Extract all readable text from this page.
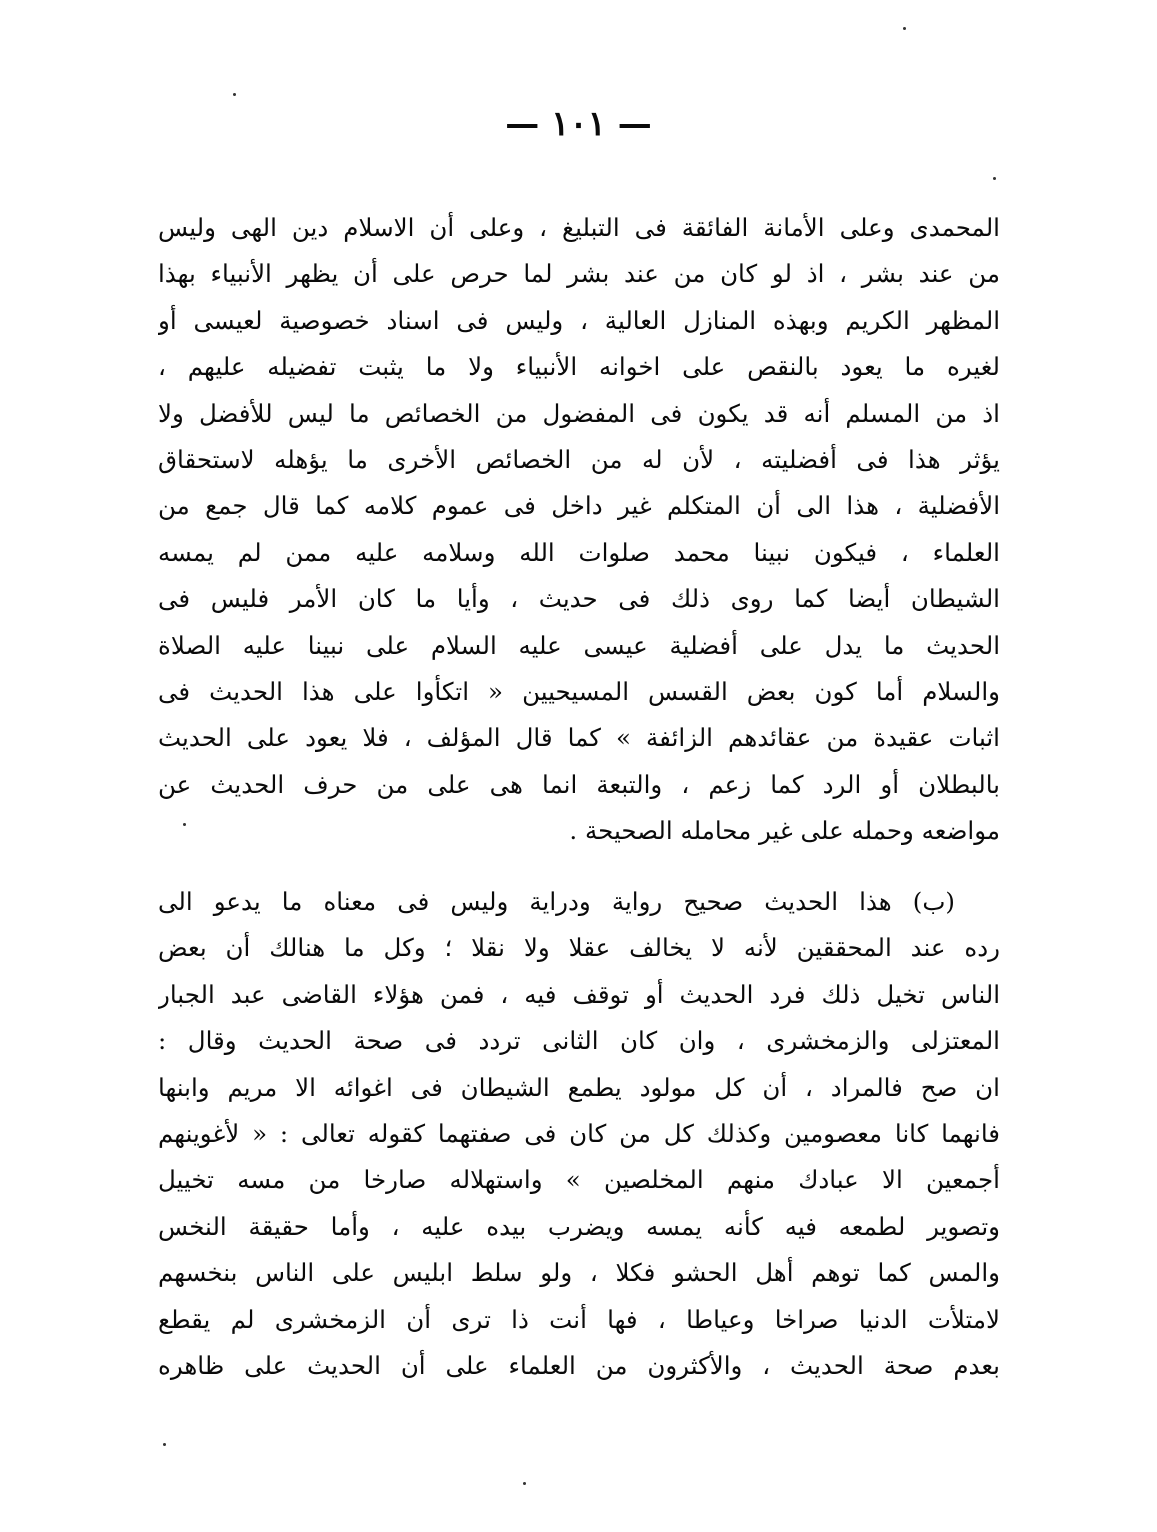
— ١٠١ —
المحمدى وعلى الأمانة الفائقة فى التبليغ ، وعلى أن الاسلام دين الهى وليس
من عند بشر ، اذ لو كان من عند بشر لما حرص على أن يظهر الأنبياء بهذا
المظهر الكريم وبهذه المنازل العالية ، وليس فى اسناد خصوصية لعيسى أو
لغيره ما يعود بالنقص على اخوانه الأنبياء ولا ما يثبت تفضيله عليهم ،
اذ من المسلم أنه قد يكون فى المفضول من الخصائص ما ليس للأفضل ولا
يؤثر هذا فى أفضليته ، لأن له من الخصائص الأخرى ما يؤهله لاستحقاق
الأفضلية ، هذا الى أن المتكلم غير داخل فى عموم كلامه كما قال جمع من
العلماء ، فيكون نبينا محمد صلوات الله وسلامه عليه ممن لم يمسه
الشيطان أيضا كما روى ذلك فى حديث ، وأيا ما كان الأمر فليس فى
الحديث ما يدل على أفضلية عيسى عليه السلام على نبينا عليه الصلاة
والسلام أما كون بعض القسس المسيحيين « اتكأوا على هذا الحديث فى
اثبات عقيدة من عقائدهم الزائفة » كما قال المؤلف ، فلا يعود على الحديث
بالبطلان أو الرد كما زعم ، والتبعة انما هى على من حرف الحديث عن
مواضعه وحمله على غير محامله الصحيحة .
(ب) هذا الحديث صحيح رواية ودراية وليس فى معناه ما يدعو الى
رده عند المحققين لأنه لا يخالف عقلا ولا نقلا ؛ وكل ما هنالك أن بعض
الناس تخيل ذلك فرد الحديث أو توقف فيه ، فمن هؤلاء القاضى عبد الجبار
المعتزلى والزمخشرى ، وان كان الثانى تردد فى صحة الحديث وقال :
ان صح فالمراد ، أن كل مولود يطمع الشيطان فى اغوائه الا مريم وابنها
فانهما كانا معصومين وكذلك كل من كان فى صفتهما كقوله تعالى : « لأغوينهم
أجمعين الا عبادك منهم المخلصين » واستهلاله صارخا من مسه تخييل
وتصوير لطمعه فيه كأنه يمسه ويضرب بيده عليه ، وأما حقيقة النخس
والمس كما توهم أهل الحشو فكلا ، ولو سلط ابليس على الناس بنخسهم
لامتلأت الدنيا صراخا وعياطا ، فها أنت ذا ترى أن الزمخشرى لم يقطع
بعدم صحة الحديث ، والأكثرون من العلماء على أن الحديث على ظاهره
